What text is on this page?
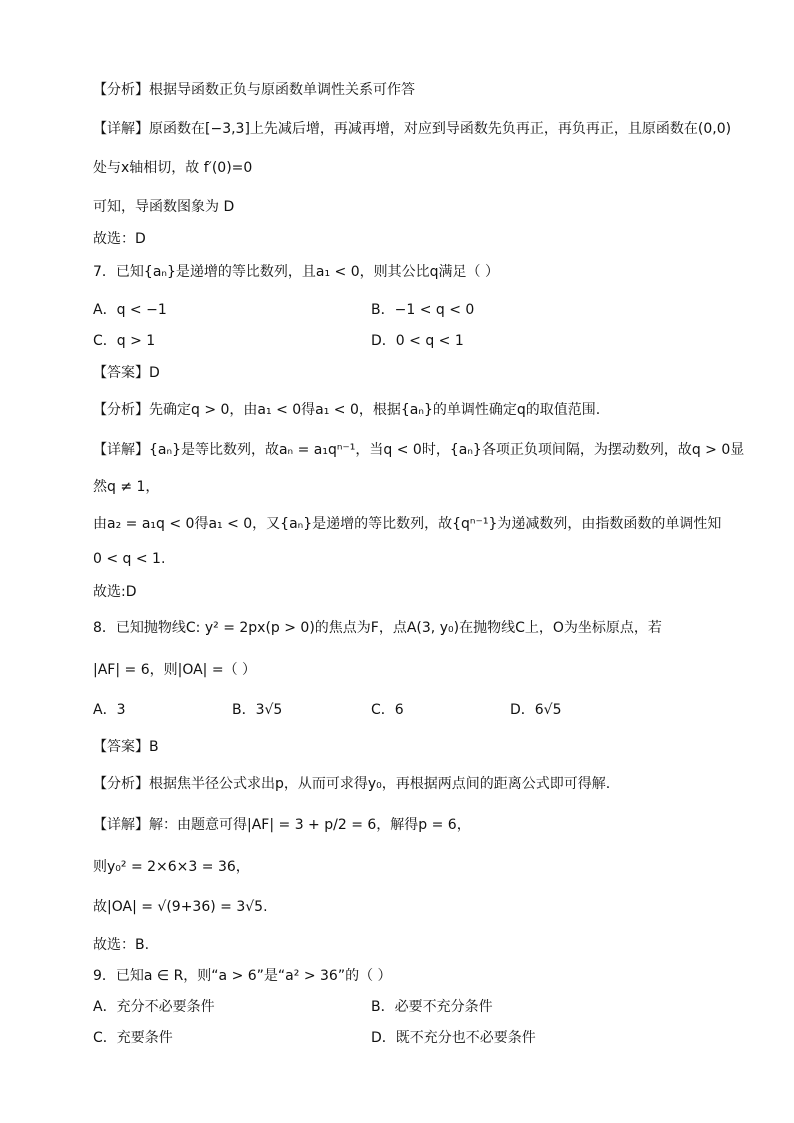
【分析】根据导函数正负与原函数单调性关系可作答
【详解】原函数在[−3,3]上先减后增，再减再增，对应到导函数先负再正，再负再正，且原函数在(0,0)
处与x轴相切，故 f′(0)=0
可知，导函数图象为 D
故选：D
7．已知{aₙ}是递增的等比数列，且a₁ < 0，则其公比q满足（ ）
A．q < −1	B．−1 < q < 0
C．q > 1	D．0 < q < 1
【答案】D
【分析】先确定q > 0，由a₁ < 0得a₁ < 0，根据{aₙ}的单调性确定q的取值范围.
【详解】{aₙ}是等比数列，故aₙ = a₁qⁿ⁻¹，当q < 0时，{aₙ}各项正负项间隔，为摆动数列，故q > 0显
然q ≠ 1，
由a₂ = a₁q < 0得a₁ < 0，又{aₙ}是递增的等比数列，故{qⁿ⁻¹}为递减数列，由指数函数的单调性知
0 < q < 1.
故选:D
8．已知抛物线C: y² = 2px(p > 0)的焦点为F，点A(3, y₀)在抛物线C上，O为坐标原点，若
|AF| = 6，则|OA| =（ ）
A．3	B．3√5	C．6	D．6√5
【答案】B
【分析】根据焦半径公式求出p，从而可求得y₀，再根据两点间的距离公式即可得解.
【详解】解：由题意可得|AF| = 3 + p/2 = 6，解得p = 6，
则y₀² = 2×6×3 = 36，
故|OA| = √(9+36) = 3√5.
故选：B.
9．已知a ∈ R，则“a > 6”是“a² > 36”的（ ）
A．充分不必要条件	B．必要不充分条件
C．充要条件	D．既不充分也不必要条件
